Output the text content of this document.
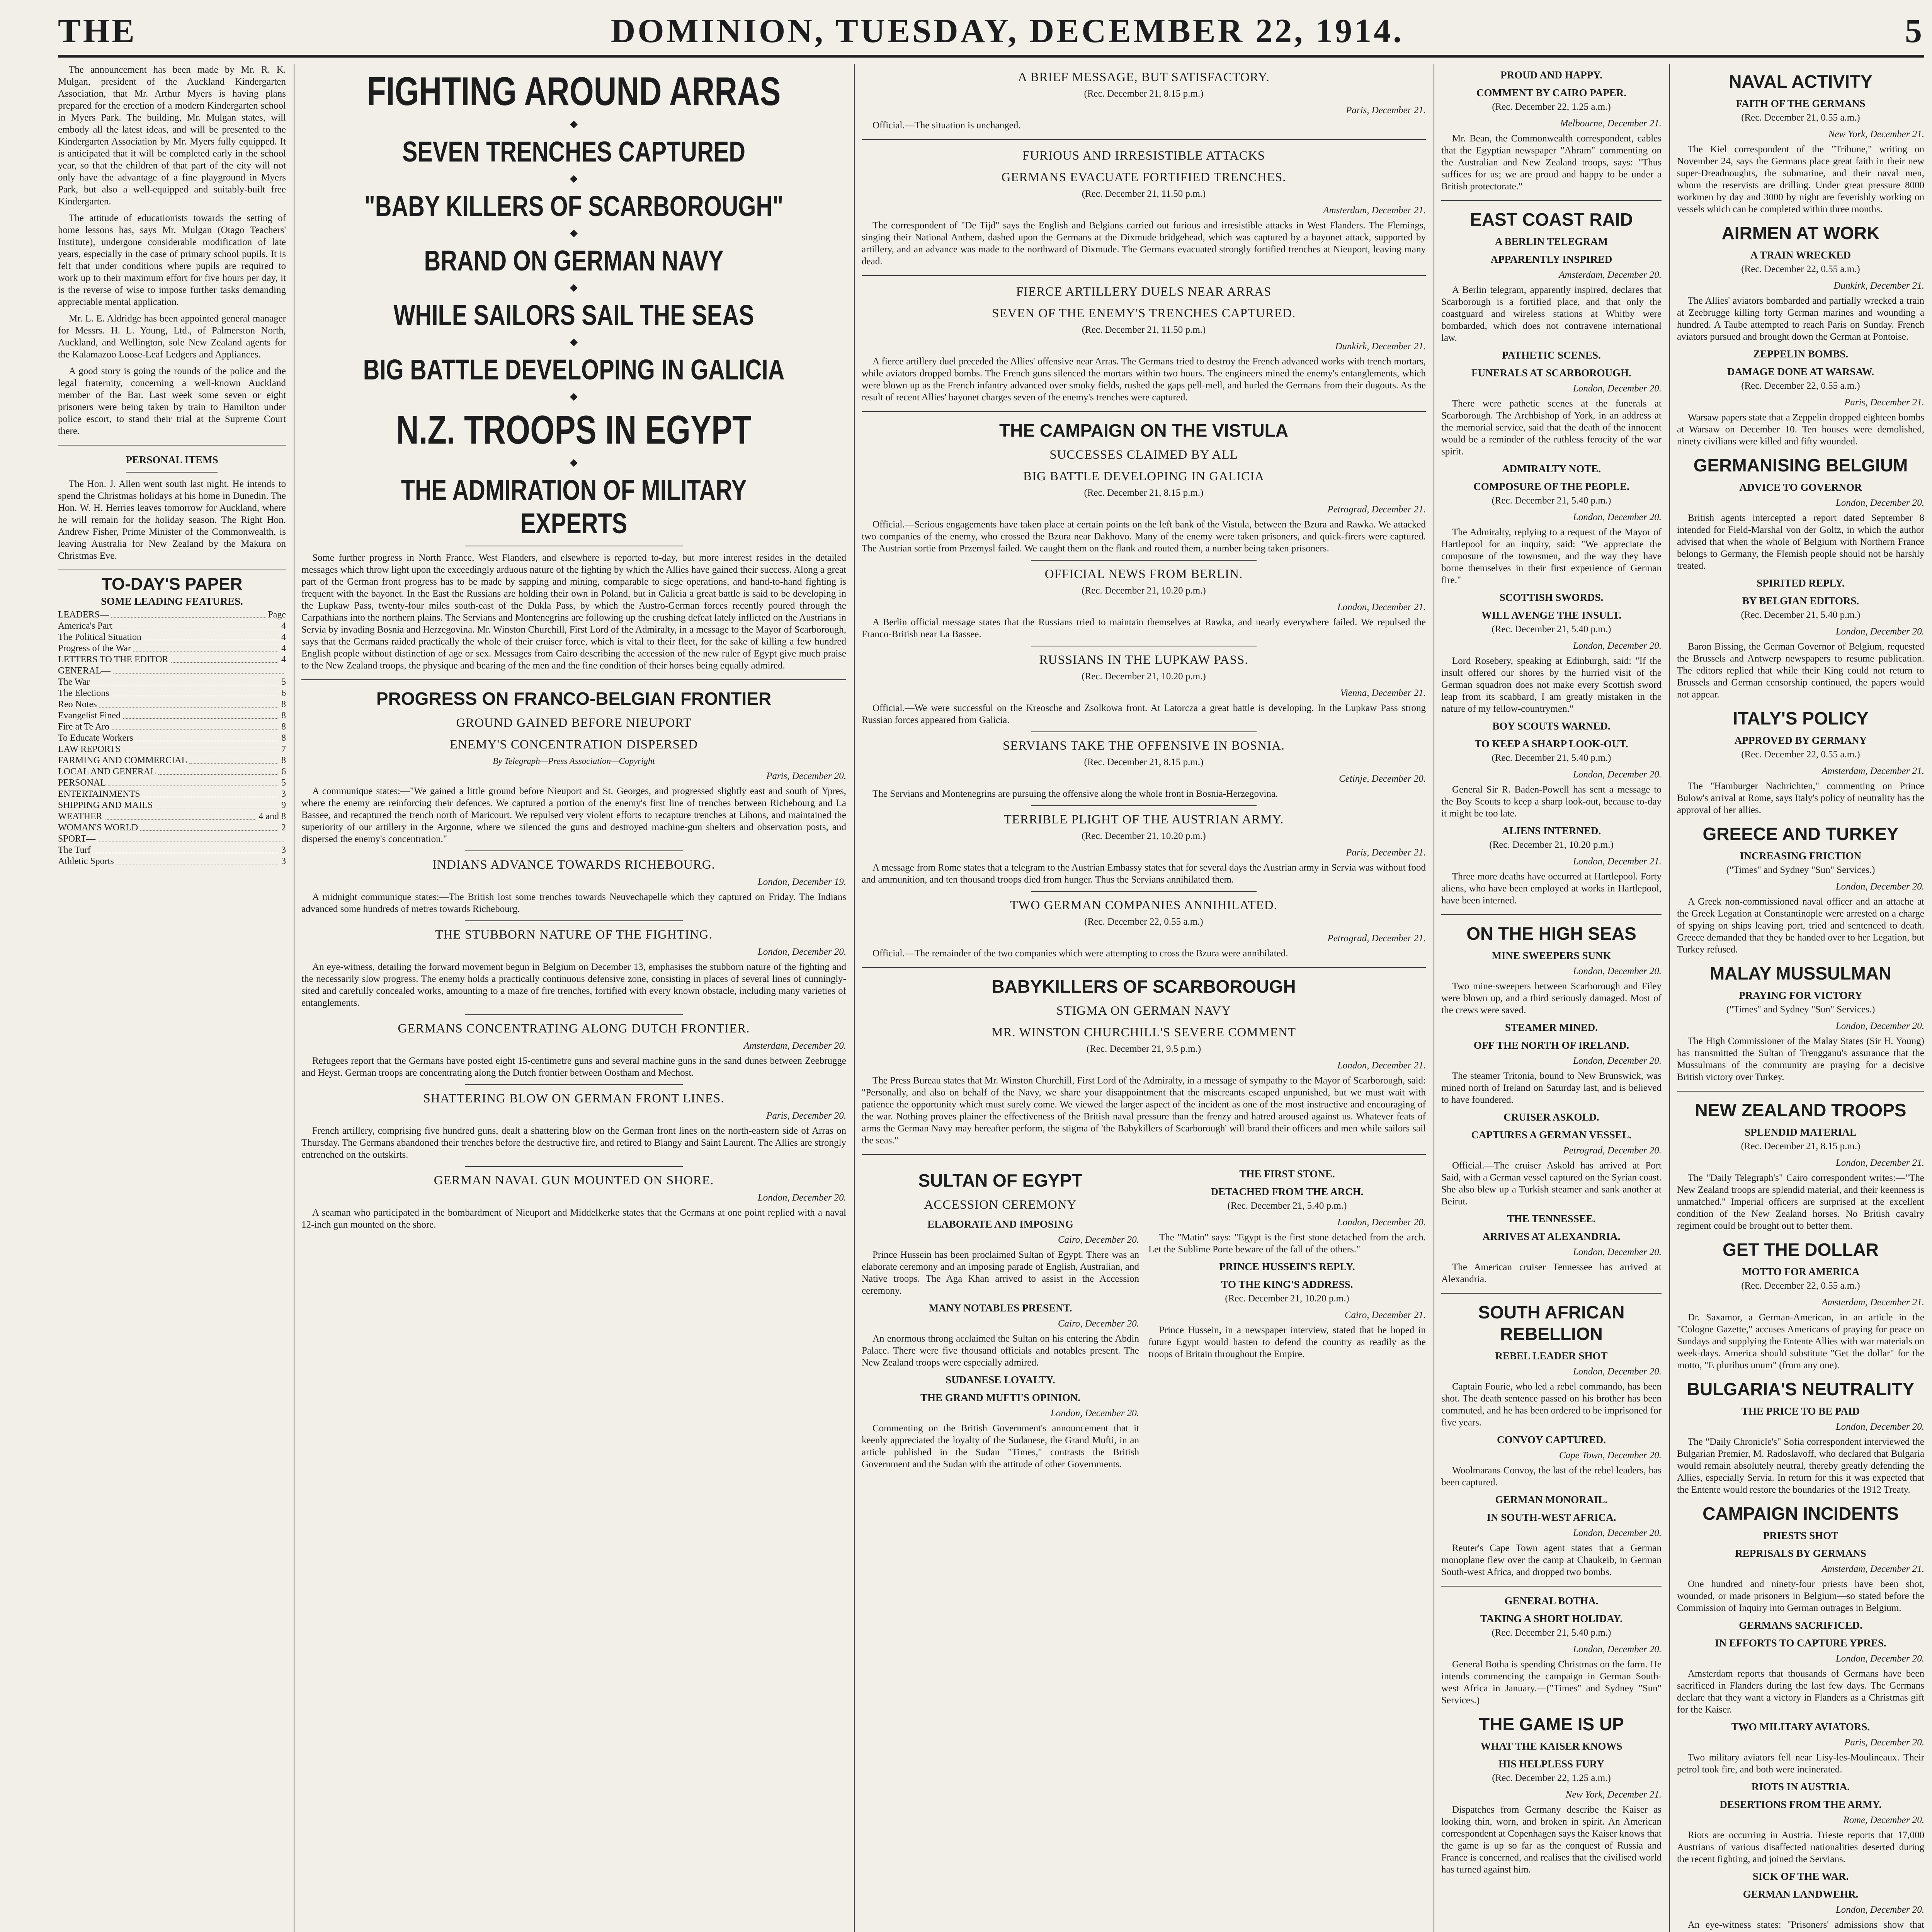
THE	DOMINION, TUESDAY, DECEMBER 22, 1914.	5

The announcement has been made by Mr. R. K. Mulgan, president of the Auckland Kindergarten Association, that Mr. Arthur Myers is having plans prepared for the erection of a modern Kindergarten school in Myers Park. The building, Mr. Mulgan states, will embody all the latest ideas, and will be presented to the Kindergarten Association by Mr. Myers fully equipped. It is anticipated that it will be completed early in the school year, so that the children of that part of the city will not only have the advantage of a fine playground in Myers Park, but also a well-equipped and suitably-built free Kindergarten.

The attitude of educationists towards the setting of home lessons has, says Mr. Mulgan (Otago Teachers' Institute), undergone considerable modification of late years, especially in the case of primary school pupils. It is felt that under conditions where pupils are required to work up to their maximum effort for five hours per day, it is the reverse of wise to impose further tasks demanding appreciable mental application.

Mr. L. E. Aldridge has been appointed general manager for Messrs. H. L. Young, Ltd., of Palmerston North, Auckland, and Wellington, sole New Zealand agents for the Kalamazoo Loose-Leaf Ledgers and Appliances.

A good story is going the rounds of the police and the legal fraternity, concerning a well-known Auckland member of the Bar. Last week some seven or eight prisoners were being taken by train to Hamilton under police escort, to stand their trial at the Supreme Court there.

PERSONAL ITEMS

The Hon. J. Allen went south last night. He intends to spend the Christmas holidays at his home in Dunedin. The Hon. W. H. Herries leaves tomorrow for Auckland, where he will remain for the holiday season. The Right Hon. Andrew Fisher, Prime Minister of the Commonwealth, is leaving Australia for New Zealand by the Makura on Christmas Eve.

TO-DAY'S PAPER
SOME LEADING FEATURES.
LEADERS—	Page
America's Part	4
The Political Situation	4
Progress of the War	4
LETTERS TO THE EDITOR	4
GENERAL—
The War	5
The Elections	6
Reo Notes	8
Evangelist Fined	8
Fire at Te Aro	8
To Educate Workers	8
LAW REPORTS	7
FARMING AND COMMERCIAL	8
LOCAL AND GENERAL	6
PERSONAL	5
ENTERTAINMENTS	3
SHIPPING AND MAILS	9
WEATHER	4 and 8
WOMAN'S WORLD	2
SPORT—
The Turf	3
Athletic Sports	3
FIGHTING AROUND ARRAS
◆
SEVEN TRENCHES CAPTURED
◆
"BABY KILLERS OF SCARBOROUGH"
◆
BRAND ON GERMAN NAVY
◆
WHILE SAILORS SAIL THE SEAS
◆
BIG BATTLE DEVELOPING IN GALICIA
◆
N.Z. TROOPS IN EGYPT
◆
THE ADMIRATION OF MILITARY EXPERTS

Some further progress in North France, West Flanders, and elsewhere is reported to-day, but more interest resides in the detailed messages which throw light upon the exceedingly arduous nature of the fighting by which the Allies have gained their success. Along a great part of the German front progress has to be made by sapping and mining, comparable to siege operations, and hand-to-hand fighting is frequent with the bayonet. In the East the Russians are holding their own in Poland, but in Galicia a great battle is said to be developing in the Lupkaw Pass, twenty-four miles south-east of the Dukla Pass, by which the Austro-German forces recently poured through the Carpathians into the northern plains. The Servians and Montenegrins are following up the crushing defeat lately inflicted on the Austrians in Servia by invading Bosnia and Herzegovina. Mr. Winston Churchill, First Lord of the Admiralty, in a message to the Mayor of Scarborough, says that the Germans raided practically the whole of their cruiser force, which is vital to their fleet, for the sake of killing a few hundred English people without distinction of age or sex. Messages from Cairo describing the accession of the new ruler of Egypt give much praise to the New Zealand troops, the physique and bearing of the men and the fine condition of their horses being equally admired.

PROGRESS ON FRANCO-BELGIAN FRONTIER
GROUND GAINED BEFORE NIEUPORT
ENEMY'S CONCENTRATION DISPERSED
By Telegraph—Press Association—Copyright

Paris, December 20.

A communique states:—"We gained a little ground before Nieuport and St. Georges, and progressed slightly east and south of Ypres, where the enemy are reinforcing their defences. We captured a portion of the enemy's first line of trenches between Richebourg and La Bassee, and recaptured the trench north of Maricourt. We repulsed very violent efforts to recapture trenches at Lihons, and maintained the superiority of our artillery in the Argonne, where we silenced the guns and destroyed machine-gun shelters and observation posts, and dispersed the enemy's concentration."

INDIANS ADVANCE TOWARDS RICHEBOURG.

London, December 19.

A midnight communique states:—The British lost some trenches towards Neuvechapelle which they captured on Friday. The Indians advanced some hundreds of metres towards Richebourg.

THE STUBBORN NATURE OF THE FIGHTING.

London, December 20.

An eye-witness, detailing the forward movement begun in Belgium on December 13, emphasises the stubborn nature of the fighting and the necessarily slow progress. The enemy holds a practically continuous defensive zone, consisting in places of several lines of cunningly-sited and carefully concealed works, amounting to a maze of fire trenches, fortified with every known obstacle, including many varieties of entanglements.

GERMANS CONCENTRATING ALONG DUTCH FRONTIER.

Amsterdam, December 20.

Refugees report that the Germans have posted eight 15-centimetre guns and several machine guns in the sand dunes between Zeebrugge and Heyst. German troops are concentrating along the Dutch frontier between Oostham and Mechost.

SHATTERING BLOW ON GERMAN FRONT LINES.

Paris, December 20.

French artillery, comprising five hundred guns, dealt a shattering blow on the German front lines on the north-eastern side of Arras on Thursday. The Germans abandoned their trenches before the destructive fire, and retired to Blangy and Saint Laurent. The Allies are strongly entrenched on the outskirts.

GERMAN NAVAL GUN MOUNTED ON SHORE.

London, December 20.

A seaman who participated in the bombardment of Nieuport and Middelkerke states that the Germans at one point replied with a naval 12-inch gun mounted on the shore.

A BRIEF MESSAGE, BUT SATISFACTORY.

(Rec. December 21, 8.15 p.m.)

Paris, December 21.

Official.—The situation is unchanged.

FURIOUS AND IRRESISTIBLE ATTACKS
GERMANS EVACUATE FORTIFIED TRENCHES.

(Rec. December 21, 11.50 p.m.)

Amsterdam, December 21.

The correspondent of "De Tijd" says the English and Belgians carried out furious and irresistible attacks in West Flanders. The Flemings, singing their National Anthem, dashed upon the Germans at the Dixmude bridgehead, which was captured by a bayonet attack, supported by artillery, and an advance was made to the northward of Dixmude. The Germans evacuated strongly fortified trenches at Nieuport, leaving many dead.

FIERCE ARTILLERY DUELS NEAR ARRAS
SEVEN OF THE ENEMY'S TRENCHES CAPTURED.

(Rec. December 21, 11.50 p.m.)

Dunkirk, December 21.

A fierce artillery duel preceded the Allies' offensive near Arras. The Germans tried to destroy the French advanced works with trench mortars, while aviators dropped bombs. The French guns silenced the mortars within two hours. The engineers mined the enemy's entanglements, which were blown up as the French infantry advanced over smoky fields, rushed the gaps pell-mell, and hurled the Germans from their dugouts. As the result of recent Allies' bayonet charges seven of the enemy's trenches were captured.

THE CAMPAIGN ON THE VISTULA
SUCCESSES CLAIMED BY ALL
BIG BATTLE DEVELOPING IN GALICIA

(Rec. December 21, 8.15 p.m.)

Petrograd, December 21.

Official.—Serious engagements have taken place at certain points on the left bank of the Vistula, between the Bzura and Rawka. We attacked two companies of the enemy, who crossed the Bzura near Dakhovo. Many of the enemy were taken prisoners, and quick-firers were captured. The Austrian sortie from Przemysl failed. We caught them on the flank and routed them, a number being taken prisoners.

OFFICIAL NEWS FROM BERLIN.

(Rec. December 21, 10.20 p.m.)

London, December 21.

A Berlin official message states that the Russians tried to maintain themselves at Rawka, and nearly everywhere failed. We repulsed the Franco-British near La Bassee.

RUSSIANS IN THE LUPKAW PASS.

(Rec. December 21, 10.20 p.m.)

Vienna, December 21.

Official.—We were successful on the Kreosche and Zsolkowa front. At Latorcza a great battle is developing. In the Lupkaw Pass strong Russian forces appeared from Galicia.

SERVIANS TAKE THE OFFENSIVE IN BOSNIA.

(Rec. December 21, 8.15 p.m.)

Cetinje, December 20.

The Servians and Montenegrins are pursuing the offensive along the whole front in Bosnia-Herzegovina.

TERRIBLE PLIGHT OF THE AUSTRIAN ARMY.

(Rec. December 21, 10.20 p.m.)

Paris, December 21.

A message from Rome states that a telegram to the Austrian Embassy states that for several days the Austrian army in Servia was without food and ammunition, and ten thousand troops died from hunger. Thus the Servians annihilated them.

TWO GERMAN COMPANIES ANNIHILATED.

(Rec. December 22, 0.55 a.m.)

Petrograd, December 21.

Official.—The remainder of the two companies which were attempting to cross the Bzura were annihilated.

BABYKILLERS OF SCARBOROUGH
STIGMA ON GERMAN NAVY
MR. WINSTON CHURCHILL'S SEVERE COMMENT

(Rec. December 21, 9.5 p.m.)

London, December 21.

The Press Bureau states that Mr. Winston Churchill, First Lord of the Admiralty, in a message of sympathy to the Mayor of Scarborough, said: "Personally, and also on behalf of the Navy, we share your disappointment that the miscreants escaped unpunished, but we must wait with patience the opportunity which must surely come. We viewed the larger aspect of the incident as one of the most instructive and encouraging of the war. Nothing proves plainer the effectiveness of the British naval pressure than the frenzy and hatred aroused against us. Whatever feats of arms the German Navy may hereafter perform, the stigma of 'the Babykillers of Scarborough' will brand their officers and men while sailors sail the seas."

SULTAN OF EGYPT
ACCESSION CEREMONY
ELABORATE AND IMPOSING

Cairo, December 20.

Prince Hussein has been proclaimed Sultan of Egypt. There was an elaborate ceremony and an imposing parade of English, Australian, and Native troops. The Aga Khan arrived to assist in the Accession ceremony.

MANY NOTABLES PRESENT.

Cairo, December 20.

An enormous throng acclaimed the Sultan on his entering the Abdin Palace. There were five thousand officials and notables present. The New Zealand troops were especially admired.

SUDANESE LOYALTY.
THE GRAND MUFTI'S OPINION.

London, December 20.

Commenting on the British Government's announcement that it keenly appreciated the loyalty of the Sudanese, the Grand Mufti, in an article published in the Sudan "Times," contrasts the British Government and the Sudan with the attitude of other Governments.

THE FIRST STONE.
DETACHED FROM THE ARCH.

(Rec. December 21, 5.40 p.m.)

London, December 20.

The "Matin" says: "Egypt is the first stone detached from the arch. Let the Sublime Porte beware of the fall of the others."

PRINCE HUSSEIN'S REPLY.
TO THE KING'S ADDRESS.

(Rec. December 21, 10.20 p.m.)

Cairo, December 21.

Prince Hussein, in a newspaper interview, stated that he hoped in future Egypt would hasten to defend the country as readily as the troops of Britain throughout the Empire.

PROUD AND HAPPY.
COMMENT BY CAIRO PAPER.

(Rec. December 22, 1.25 a.m.)

Melbourne, December 21.

Mr. Bean, the Commonwealth correspondent, cables that the Egyptian newspaper "Ahram" commenting on the Australian and New Zealand troops, says: "Thus suffices for us; we are proud and happy to be under a British protectorate."

EAST COAST RAID
A BERLIN TELEGRAM
APPARENTLY INSPIRED

Amsterdam, December 20.

A Berlin telegram, apparently inspired, declares that Scarborough is a fortified place, and that only the coastguard and wireless stations at Whitby were bombarded, which does not contravene international law.

PATHETIC SCENES.
FUNERALS AT SCARBOROUGH.

London, December 20.

There were pathetic scenes at the funerals at Scarborough. The Archbishop of York, in an address at the memorial service, said that the death of the innocent would be a reminder of the ruthless ferocity of the war spirit.

ADMIRALTY NOTE.
COMPOSURE OF THE PEOPLE.

(Rec. December 21, 5.40 p.m.)

London, December 20.

The Admiralty, replying to a request of the Mayor of Hartlepool for an inquiry, said: "We appreciate the composure of the townsmen, and the way they have borne themselves in their first experience of German fire."

SCOTTISH SWORDS.
WILL AVENGE THE INSULT.

(Rec. December 21, 5.40 p.m.)

London, December 20.

Lord Rosebery, speaking at Edinburgh, said: "If the insult offered our shores by the hurried visit of the German squadron does not make every Scottish sword leap from its scabbard, I am greatly mistaken in the nature of my fellow-countrymen."

BOY SCOUTS WARNED.
TO KEEP A SHARP LOOK-OUT.

(Rec. December 21, 5.40 p.m.)

London, December 20.

General Sir R. Baden-Powell has sent a message to the Boy Scouts to keep a sharp look-out, because to-day it might be too late.

ALIENS INTERNED.

(Rec. December 21, 10.20 p.m.)

London, December 21.

Three more deaths have occurred at Hartlepool. Forty aliens, who have been employed at works in Hartlepool, have been interned.

ON THE HIGH SEAS
MINE SWEEPERS SUNK

London, December 20.

Two mine-sweepers between Scarborough and Filey were blown up, and a third seriously damaged. Most of the crews were saved.

STEAMER MINED.
OFF THE NORTH OF IRELAND.

London, December 20.

The steamer Tritonia, bound to New Brunswick, was mined north of Ireland on Saturday last, and is believed to have foundered.

CRUISER ASKOLD.
CAPTURES A GERMAN VESSEL.

Petrograd, December 20.

Official.—The cruiser Askold has arrived at Port Said, with a German vessel captured on the Syrian coast. She also blew up a Turkish steamer and sank another at Beirut.

THE TENNESSEE.
ARRIVES AT ALEXANDRIA.

London, December 20.

The American cruiser Tennessee has arrived at Alexandria.

SOUTH AFRICAN REBELLION
REBEL LEADER SHOT

London, December 20.

Captain Fourie, who led a rebel commando, has been shot. The death sentence passed on his brother has been commuted, and he has been ordered to be imprisoned for five years.

CONVOY CAPTURED.

Cape Town, December 20.

Woolmarans Convoy, the last of the rebel leaders, has been captured.

GERMAN MONORAIL.
IN SOUTH-WEST AFRICA.

London, December 20.

Reuter's Cape Town agent states that a German monoplane flew over the camp at Chaukeib, in German South-west Africa, and dropped two bombs.

GENERAL BOTHA.
TAKING A SHORT HOLIDAY.

(Rec. December 21, 5.40 p.m.)

London, December 20.

General Botha is spending Christmas on the farm. He intends commencing the campaign in German South-west Africa in January.—("Times" and Sydney "Sun" Services.)

THE GAME IS UP
WHAT THE KAISER KNOWS
HIS HELPLESS FURY

(Rec. December 22, 1.25 a.m.)

New York, December 21.

Dispatches from Germany describe the Kaiser as looking thin, worn, and broken in spirit. An American correspondent at Copenhagen says the Kaiser knows that the game is up so far as the conquest of Russia and France is concerned, and realises that the civilised world has turned against him.

NAVAL ACTIVITY
FAITH OF THE GERMANS

(Rec. December 21, 0.55 a.m.)

New York, December 21.

The Kiel correspondent of the "Tribune," writing on November 24, says the Germans place great faith in their new super-Dreadnoughts, the submarine, and their naval men, whom the reservists are drilling. Under great pressure 8000 workmen by day and 3000 by night are feverishly working on vessels which can be completed within three months.

AIRMEN AT WORK
A TRAIN WRECKED

(Rec. December 22, 0.55 a.m.)

Dunkirk, December 21.

The Allies' aviators bombarded and partially wrecked a train at Zeebrugge killing forty German marines and wounding a hundred. A Taube attempted to reach Paris on Sunday. French aviators pursued and brought down the German at Pontoise.

ZEPPELIN BOMBS.
DAMAGE DONE AT WARSAW.

(Rec. December 22, 0.55 a.m.)

Paris, December 21.

Warsaw papers state that a Zeppelin dropped eighteen bombs at Warsaw on December 10. Ten houses were demolished, ninety civilians were killed and fifty wounded.

GERMANISING BELGIUM
ADVICE TO GOVERNOR

London, December 20.

British agents intercepted a report dated September 8 intended for Field-Marshal von der Goltz, in which the author advised that when the whole of Belgium with Northern France belongs to Germany, the Flemish people should not be harshly treated.

SPIRITED REPLY.
BY BELGIAN EDITORS.

(Rec. December 21, 5.40 p.m.)

London, December 20.

Baron Bissing, the German Governor of Belgium, requested the Brussels and Antwerp newspapers to resume publication. The editors replied that while their King could not return to Brussels and German censorship continued, the papers would not appear.

ITALY'S POLICY
APPROVED BY GERMANY

(Rec. December 22, 0.55 a.m.)

Amsterdam, December 21.

The "Hamburger Nachrichten," commenting on Prince Bulow's arrival at Rome, says Italy's policy of neutrality has the approval of her allies.

GREECE AND TURKEY
INCREASING FRICTION

("Times" and Sydney "Sun" Services.)

London, December 20.

A Greek non-commissioned naval officer and an attache at the Greek Legation at Constantinople were arrested on a charge of spying on ships leaving port, tried and sentenced to death. Greece demanded that they be handed over to her Legation, but Turkey refused.

MALAY MUSSULMAN
PRAYING FOR VICTORY

("Times" and Sydney "Sun" Services.)

London, December 20.

The High Commissioner of the Malay States (Sir H. Young) has transmitted the Sultan of Trengganu's assurance that the Mussulmans of the community are praying for a decisive British victory over Turkey.

NEW ZEALAND TROOPS
SPLENDID MATERIAL

(Rec. December 21, 8.15 p.m.)

London, December 21.

The "Daily Telegraph's" Cairo correspondent writes:—"The New Zealand troops are splendid material, and their keenness is unmatched." Imperial officers are surprised at the excellent condition of the New Zealand horses. No British cavalry regiment could be brought out to better them.

GET THE DOLLAR
MOTTO FOR AMERICA

(Rec. December 22, 0.55 a.m.)

Amsterdam, December 21.

Dr. Saxamor, a German-American, in an article in the "Cologne Gazette," accuses Americans of praying for peace on Sundays and supplying the Entente Allies with war materials on week-days. America should substitute "Get the dollar" for the motto, "E pluribus unum" (from any one).

BULGARIA'S NEUTRALITY
THE PRICE TO BE PAID

London, December 20.

The "Daily Chronicle's" Sofia correspondent interviewed the Bulgarian Premier, M. Radoslavoff, who declared that Bulgaria would remain absolutely neutral, thereby greatly defending the Allies, especially Servia. In return for this it was expected that the Entente would restore the boundaries of the 1912 Treaty.

CAMPAIGN INCIDENTS
PRIESTS SHOT
REPRISALS BY GERMANS

Amsterdam, December 21.

One hundred and ninety-four priests have been shot, wounded, or made prisoners in Belgium—so stated before the Commission of Inquiry into German outrages in Belgium.

GERMANS SACRIFICED.
IN EFFORTS TO CAPTURE YPRES.

London, December 20.

Amsterdam reports that thousands of Germans have been sacrificed in Flanders during the last few days. The Germans declare that they want a victory in Flanders as a Christmas gift for the Kaiser.

TWO MILITARY AVIATORS.

Paris, December 20.

Two military aviators fell near Lisy-les-Moulineaux. Their petrol took fire, and both were incinerated.

RIOTS IN AUSTRIA.
DESERTIONS FROM THE ARMY.

Rome, December 20.

Riots are occurring in Austria. Trieste reports that 17,000 Austrians of various disaffected nationalities deserted during the recent fighting, and joined the Servians.

SICK OF THE WAR.
GERMAN LANDWEHR.

London, December 20.

An eye-witness states: "Prisoners' admissions show that
